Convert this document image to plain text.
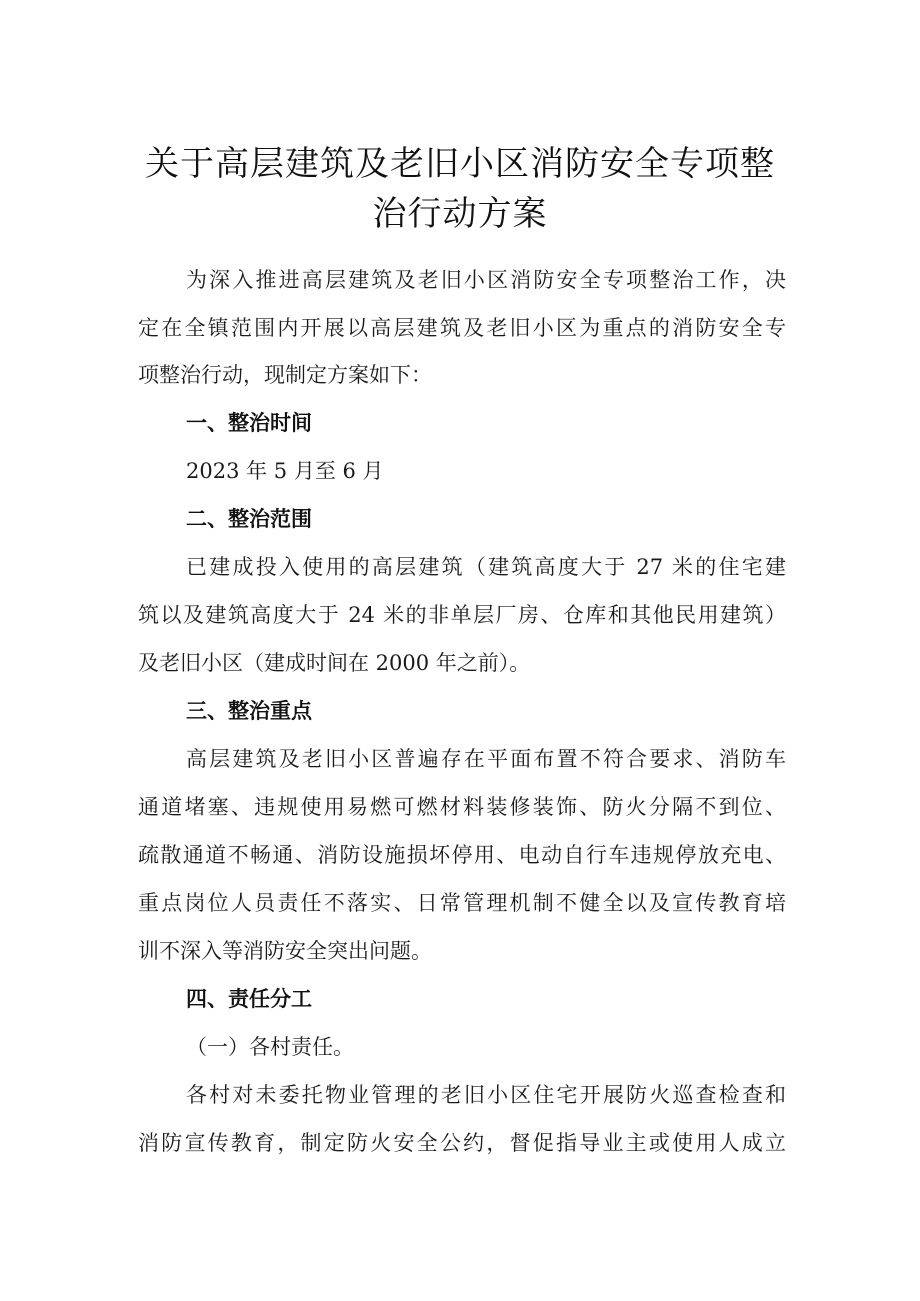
关于高层建筑及老旧小区消防安全专项整
治行动方案
为深入推进高层建筑及老旧小区消防安全专项整治工作，决
定在全镇范围内开展以高层建筑及老旧小区为重点的消防安全专
项整治行动，现制定方案如下：
一、整治时间
2023 年 5 月至 6 月
二、整治范围
已建成投入使用的高层建筑（建筑高度大于 27 米的住宅建
筑以及建筑高度大于 24 米的非单层厂房、仓库和其他民用建筑）
及老旧小区（建成时间在 2000 年之前）。
三、整治重点
高层建筑及老旧小区普遍存在平面布置不符合要求、消防车
通道堵塞、违规使用易燃可燃材料装修装饰、防火分隔不到位、
疏散通道不畅通、消防设施损坏停用、电动自行车违规停放充电、
重点岗位人员责任不落实、日常管理机制不健全以及宣传教育培
训不深入等消防安全突出问题。
四、责任分工
（一）各村责任。
各村对未委托物业管理的老旧小区住宅开展防火巡查检查和
消防宣传教育，制定防火安全公约，督促指导业主或使用人成立
